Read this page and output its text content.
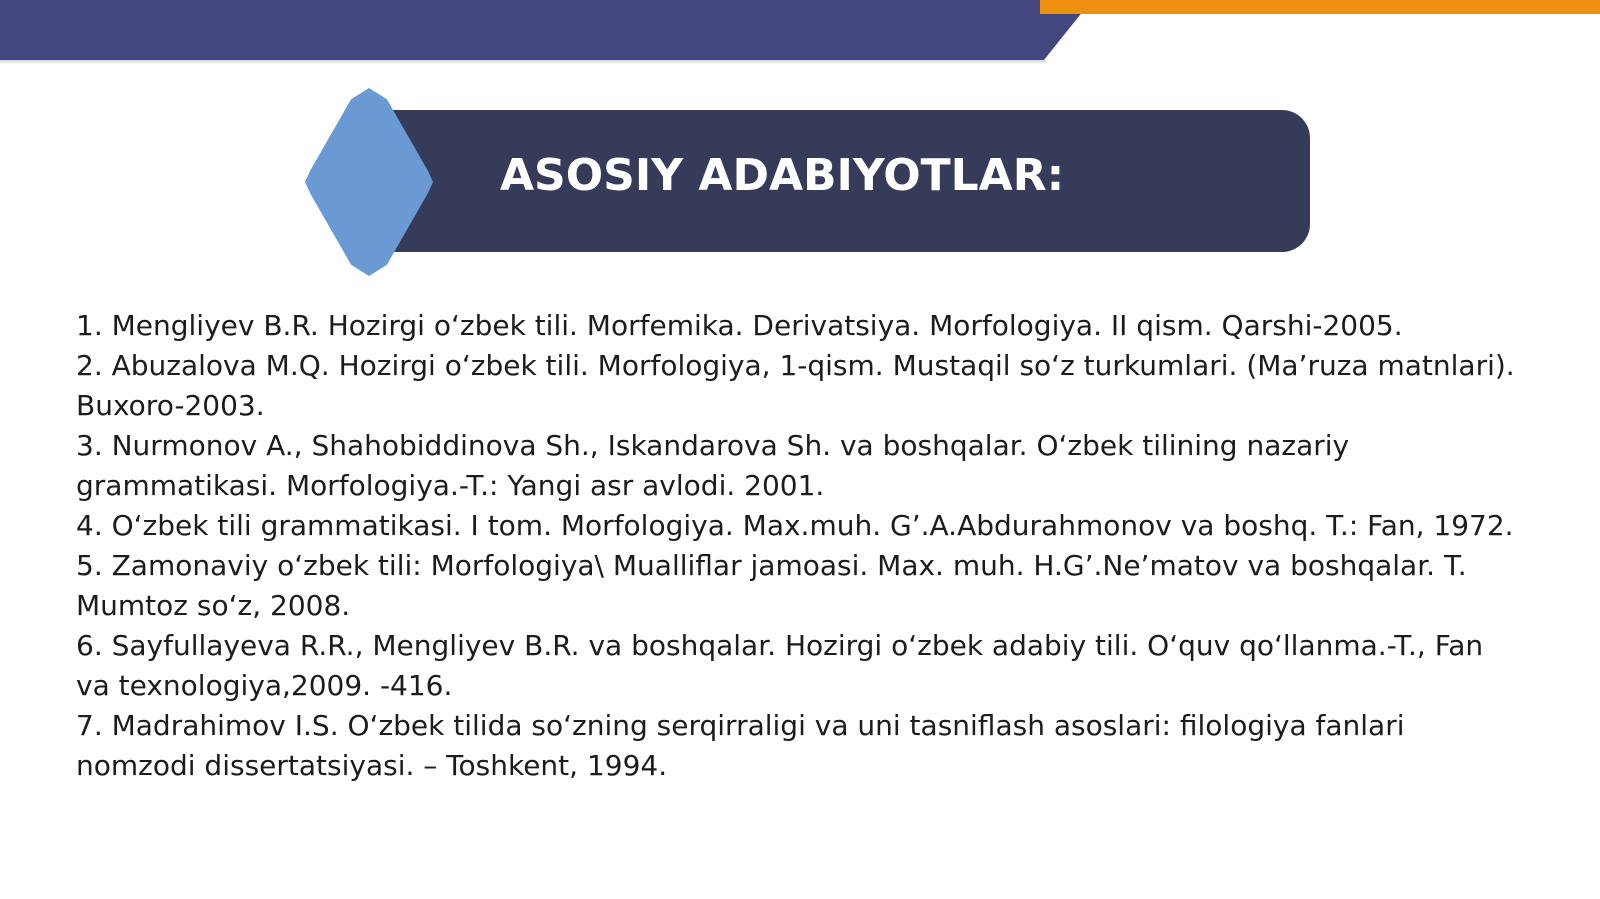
ASOSIY ADABIYOTLAR:
1. Mengliyev B.R. Hozirgi o‘zbek tili. Morfemika. Derivatsiya. Morfologiya. II qism. Qarshi-2005.
2. Abuzalova M.Q. Hozirgi o‘zbek tili. Morfologiya, 1-qism. Mustaqil so‘z turkumlari. (Ma’ruza matnlari). Buxoro-2003.
3. Nurmonov A., Shahobiddinova Sh., Iskandarova Sh. va boshqalar. O‘zbek tilining nazariy grammatikasi. Morfologiya.-T.: Yangi asr avlodi. 2001.
4. O‘zbek tili grammatikasi. I tom. Morfologiya. Max.muh. G’.A.Abdurahmonov va boshq. T.: Fan, 1972.
5. Zamonaviy o‘zbek tili: Morfologiya\ Mualliflar jamoasi. Max. muh. H.G’.Ne’matov va boshqalar. T. Mumtoz so‘z, 2008.
6. Sayfullayeva R.R., Mengliyev B.R. va boshqalar. Hozirgi o‘zbek adabiy tili. O‘quv qo‘llanma.-T., Fan va texnologiya,2009. -416.
7. Madrahimov I.S. O‘zbek tilida so‘zning serqirraligi va uni tasniflash asoslari: filologiya fanlari nomzodi dissertatsiyasi. – Toshkent, 1994.
